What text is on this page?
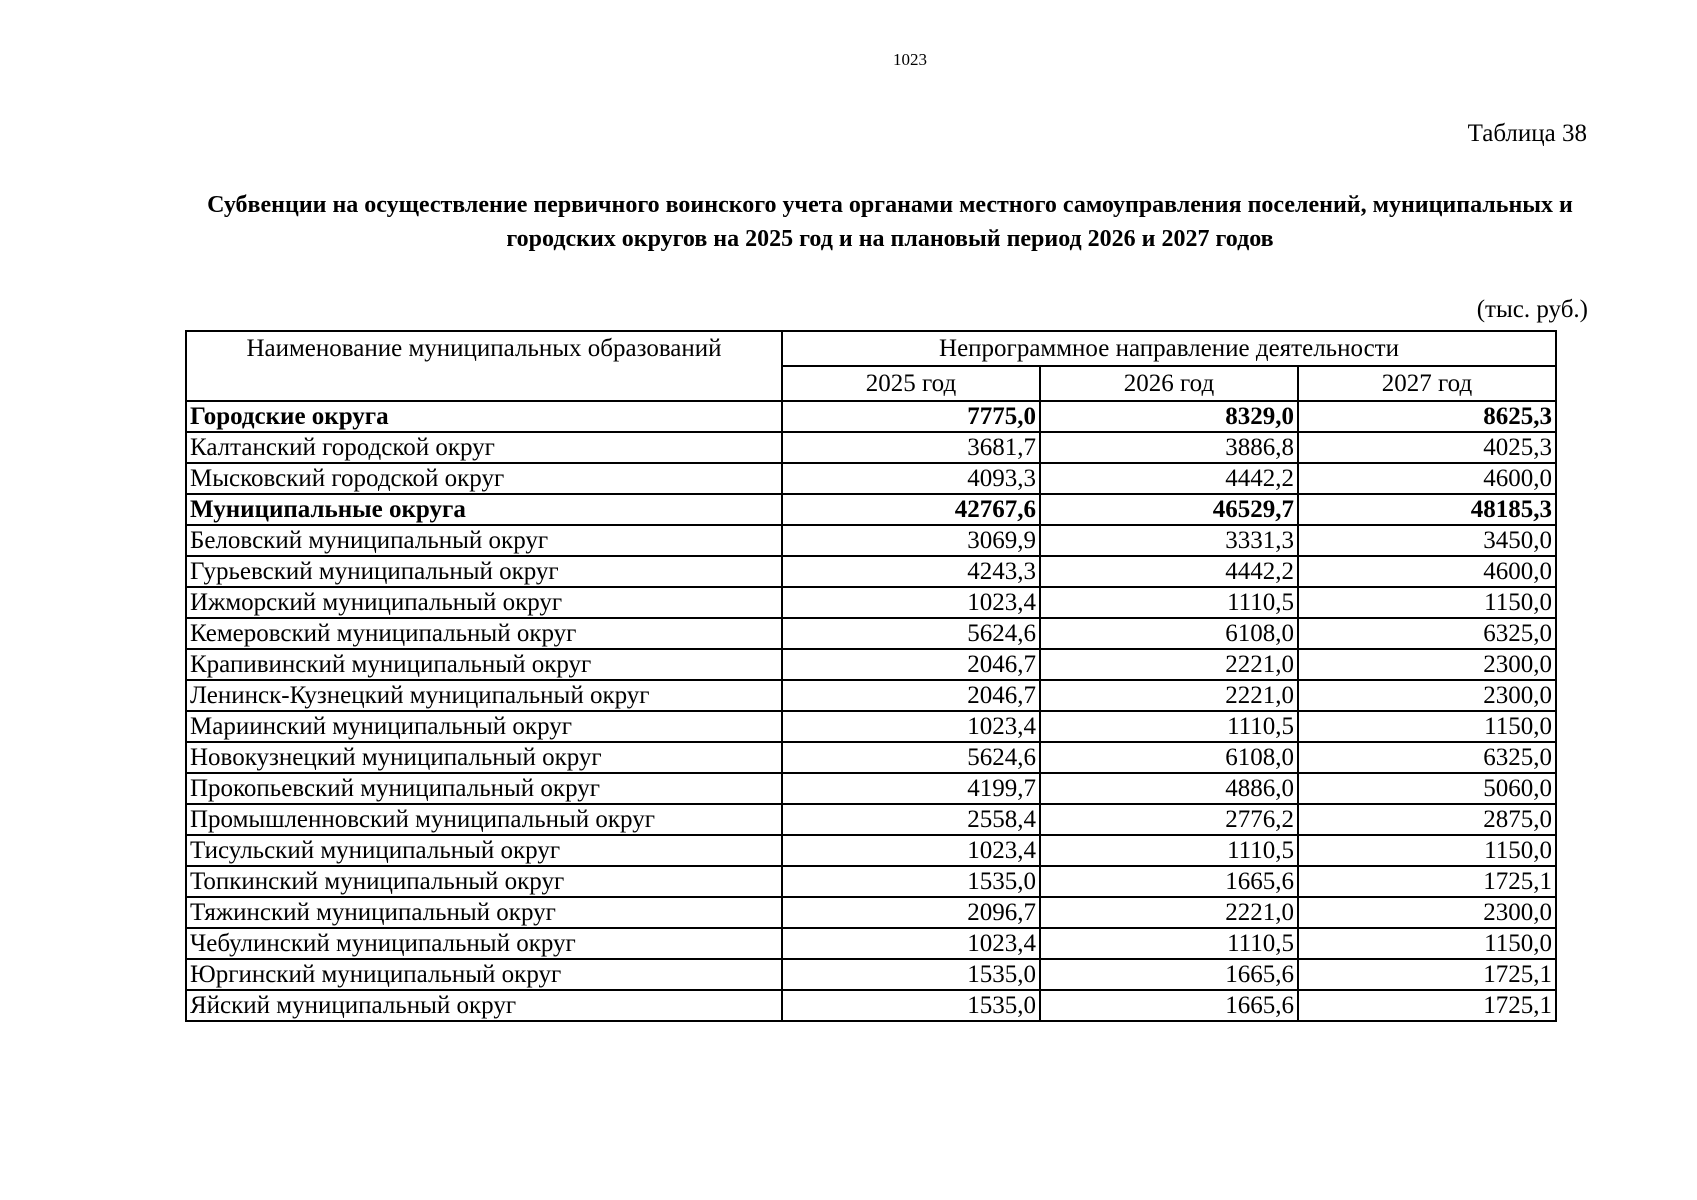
1023
Таблица 38
Субвенции на осуществление первичного воинского учета органами местного самоуправления поселений, муниципальных и городских округов на 2025 год и на плановый период 2026 и 2027 годов
(тыс. руб.)
Наименование муниципальных образований	Непрограммное направление деятельности		
	2025 год	2026 год	2027 год
Городские округа	7775,0	8329,0	8625,3
Калтанский городской округ	3681,7	3886,8	4025,3
Мысковский городской округ	4093,3	4442,2	4600,0
Муниципальные округа	42767,6	46529,7	48185,3
Беловский муниципальный округ	3069,9	3331,3	3450,0
Гурьевский муниципальный округ	4243,3	4442,2	4600,0
Ижморский муниципальный округ	1023,4	1110,5	1150,0
Кемеровский муниципальный округ	5624,6	6108,0	6325,0
Крапивинский муниципальный округ	2046,7	2221,0	2300,0
Ленинск-Кузнецкий муниципальный округ	2046,7	2221,0	2300,0
Мариинский муниципальный округ	1023,4	1110,5	1150,0
Новокузнецкий муниципальный округ	5624,6	6108,0	6325,0
Прокопьевский муниципальный округ	4199,7	4886,0	5060,0
Промышленновский муниципальный округ	2558,4	2776,2	2875,0
Тисульский муниципальный округ	1023,4	1110,5	1150,0
Топкинский муниципальный округ	1535,0	1665,6	1725,1
Тяжинский муниципальный округ	2096,7	2221,0	2300,0
Чебулинский муниципальный округ	1023,4	1110,5	1150,0
Юргинский муниципальный округ	1535,0	1665,6	1725,1
Яйский муниципальный округ	1535,0	1665,6	1725,1
